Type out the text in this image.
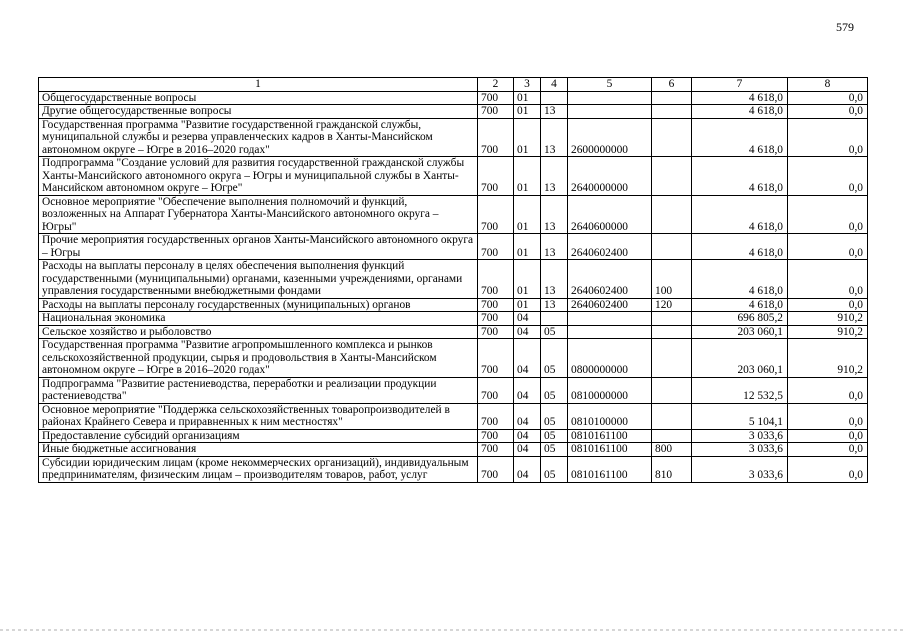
579
1	2	3	4	5	6	7	8
Общегосударственные вопросы	700	01				4 618,0	0,0
Другие общегосударственные вопросы	700	01	13			4 618,0	0,0
Государственная программа "Развитие государственной гражданской службы, муниципальной службы и резерва управленческих кадров в Ханты-Мансийском автономном округе – Югре в 2016–2020 годах"	700	01	13	2600000000		4 618,0	0,0
Подпрограмма "Создание условий для развития государственной гражданской службы Ханты-Мансийского автономного округа – Югры и муниципальной службы в Ханты-Мансийском автономном округе – Югре"	700	01	13	2640000000		4 618,0	0,0
Основное мероприятие "Обеспечение выполнения полномочий и функций, возложенных на Аппарат Губернатора Ханты-Мансийского автономного округа – Югры"	700	01	13	2640600000		4 618,0	0,0
Прочие мероприятия государственных органов Ханты-Мансийского автономного округа – Югры	700	01	13	2640602400		4 618,0	0,0
Расходы на выплаты персоналу в целях обеспечения выполнения функций государственными (муниципальными) органами, казенными учреждениями, органами управления государственными внебюджетными фондами	700	01	13	2640602400	100	4 618,0	0,0
Расходы на выплаты персоналу государственных (муниципальных) органов	700	01	13	2640602400	120	4 618,0	0,0
Национальная экономика	700	04				696 805,2	910,2
Сельское хозяйство и рыболовство	700	04	05			203 060,1	910,2
Государственная программа "Развитие агропромышленного комплекса и рынков сельскохозяйственной продукции, сырья и продовольствия в Ханты-Мансийском автономном округе – Югре в 2016–2020 годах"	700	04	05	0800000000		203 060,1	910,2
Подпрограмма "Развитие растениеводства, переработки и реализации продукции растениеводства"	700	04	05	0810000000		12 532,5	0,0
Основное мероприятие "Поддержка сельскохозяйственных товаропроизводителей в районах Крайнего Севера и приравненных к ним местностях"	700	04	05	0810100000		5 104,1	0,0
Предоставление субсидий организациям	700	04	05	0810161100		3 033,6	0,0
Иные бюджетные ассигнования	700	04	05	0810161100	800	3 033,6	0,0
Субсидии юридическим лицам (кроме некоммерческих организаций), индивидуальным предпринимателям, физическим лицам – производителям товаров, работ, услуг	700	04	05	0810161100	810	3 033,6	0,0
